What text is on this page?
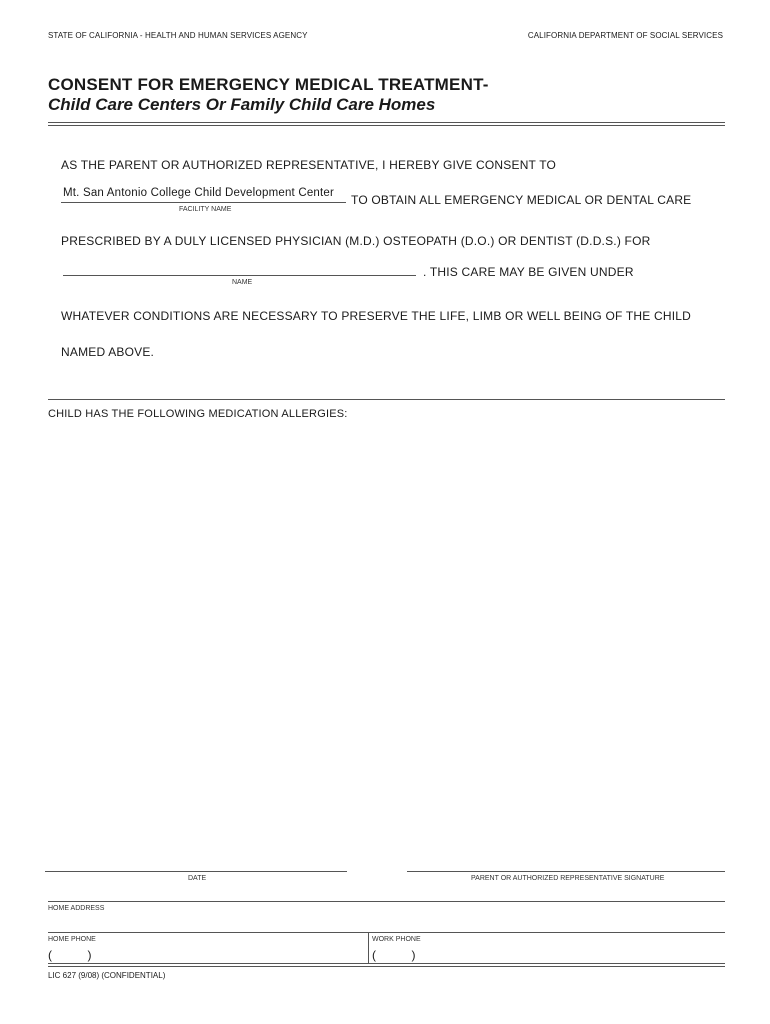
STATE OF CALIFORNIA - HEALTH AND HUMAN SERVICES AGENCY	CALIFORNIA DEPARTMENT OF SOCIAL SERVICES
CONSENT FOR EMERGENCY MEDICAL TREATMENT-
Child Care Centers Or Family Child Care Homes
AS THE PARENT OR AUTHORIZED REPRESENTATIVE, I HEREBY GIVE CONSENT TO
Mt. San Antonio College Child Development Center
FACILITY NAME
TO OBTAIN ALL EMERGENCY MEDICAL OR DENTAL CARE
PRESCRIBED BY A DULY LICENSED PHYSICIAN (M.D.) OSTEOPATH (D.O.) OR DENTIST (D.D.S.) FOR
NAME
. THIS CARE MAY BE GIVEN UNDER
WHATEVER CONDITIONS ARE NECESSARY TO PRESERVE THE LIFE, LIMB OR WELL BEING OF THE CHILD
NAMED ABOVE.
CHILD HAS THE FOLLOWING MEDICATION ALLERGIES:
DATE	PARENT OR AUTHORIZED REPRESENTATIVE SIGNATURE
HOME ADDRESS
HOME PHONE	WORK PHONE
(          )	(          )
LIC 627 (9/08) (CONFIDENTIAL)
